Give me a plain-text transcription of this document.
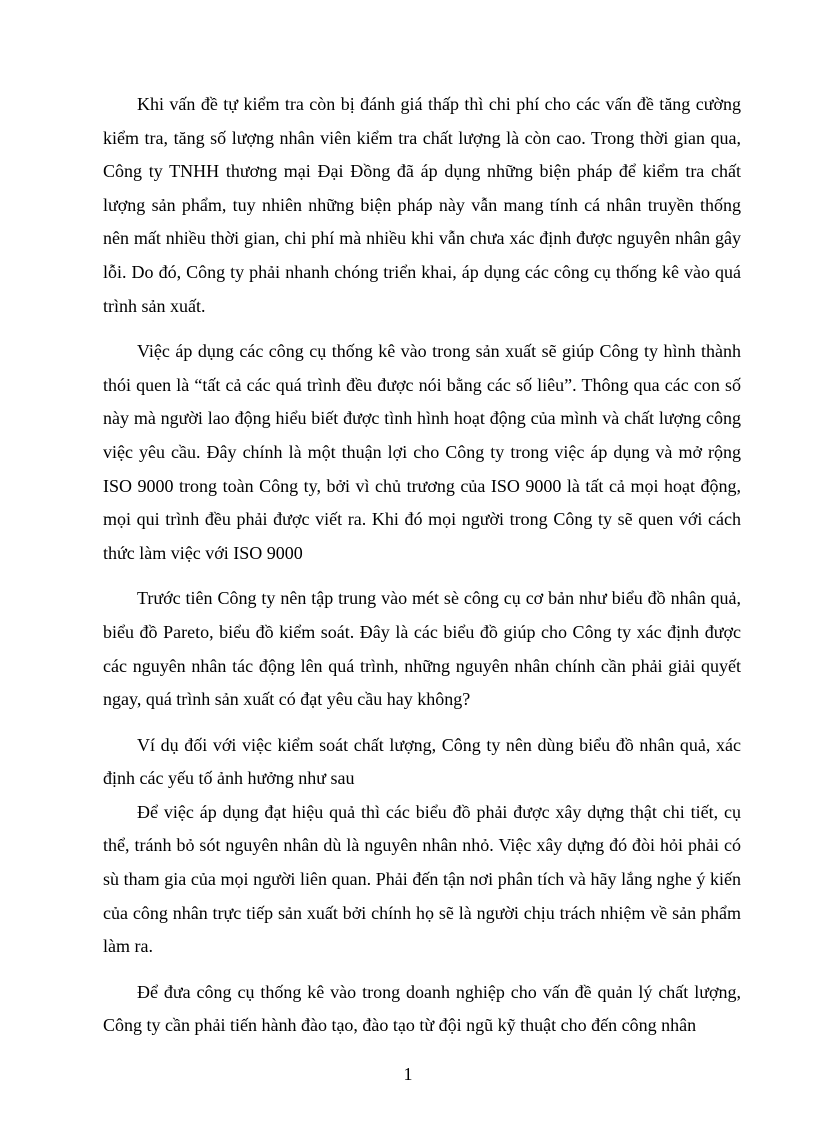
Khi vấn đề tự kiểm tra còn bị đánh giá thấp thì chi phí cho các vấn đề tăng cường kiểm tra, tăng số lượng nhân viên kiểm tra chất lượng là còn cao. Trong thời gian qua, Công ty TNHH thương mại Đại Đồng đã áp dụng những biện pháp để kiểm tra chất lượng sản phẩm, tuy nhiên những biện pháp này vẫn mang tính cá nhân truyền thống nên mất nhiều thời gian, chi phí mà nhiều khi vẫn chưa xác định được nguyên nhân gây lỗi. Do đó, Công ty phải nhanh chóng triển khai, áp dụng các công cụ thống kê vào quá trình sản xuất.

Việc áp dụng các công cụ thống kê vào trong sản xuất sẽ giúp Công ty hình thành thói quen là “tất cả các quá trình đều được nói bằng các số liêu”. Thông qua các con số này mà người lao động hiểu biết được tình hình hoạt động của mình và chất lượng công việc yêu cầu. Đây chính là một thuận lợi cho Công ty trong việc áp dụng và mở rộng ISO 9000 trong toàn Công ty, bởi vì chủ trương của ISO 9000 là tất cả mọi hoạt động, mọi qui trình đều phải được viết ra. Khi đó mọi người trong Công ty sẽ quen với cách thức làm việc với ISO 9000

Trước tiên Công ty nên tập trung vào mét sè công cụ cơ bản như biểu đồ nhân quả, biểu đồ Pareto, biểu đồ kiểm soát. Đây là các biểu đồ giúp cho Công ty xác định được các nguyên nhân tác động lên quá trình, những nguyên nhân chính cần phải giải quyết ngay, quá trình sản xuất có đạt yêu cầu hay không?

Ví dụ đối với việc kiểm soát chất lượng, Công ty nên dùng biểu đồ nhân quả, xác định các yếu tố ảnh hưởng như sau

Để việc áp dụng đạt hiệu quả thì các biểu đồ phải được xây dựng thật chi tiết, cụ thể, tránh bỏ sót nguyên nhân dù là nguyên nhân nhỏ. Việc xây dựng đó đòi hỏi phải có sù tham gia của mọi người liên quan. Phải đến tận nơi phân tích và hãy lắng nghe ý kiến của công nhân trực tiếp sản xuất bởi chính họ sẽ là người chịu trách nhiệm về sản phẩm làm ra.

Để đưa công cụ thống kê vào trong doanh nghiệp cho vấn đề quản lý chất lượng, Công ty cần phải tiến hành đào tạo, đào tạo từ đội ngũ kỹ thuật cho đến công nhân

1
